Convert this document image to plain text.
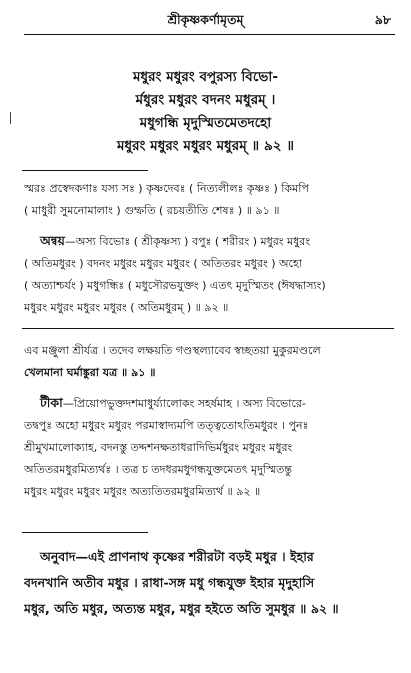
শ্রীকৃষ্ণকর্ণামৃতম্	৯৮
মধুরং মধুরং বপুরস্য বিভো-
র্মধুরং মধুরং বদনং মধুরম্ ।
মধুগন্ধি মৃদুস্মিতমেতদহো
মধুরং মধুরং মধুরং মধুরম্ ॥ ৯২ ॥

স্মরঃ প্রস্বেদকণাঃ যস্য সঃ ) কৃষ্ণদেবঃ ( নিত্যলীলঃ কৃষ্ণঃ ) কিমপি

( মাধুরী সুমনোমালাং ) গুম্ফতি ( রচয়তীতি শেষঃ ) ॥ ৯১ ॥

অন্বয়—অস্য বিভোঃ ( শ্রীকৃষ্ণস্য ) বপুঃ ( শরীরং ) মধুরং মধুরং

( অতিমধুরং ) বদনং মধুরং মধুরং মধুরং ( অতিতরং মধুরং ) অহো

( অত্যাশ্চর্যং ) মধুগন্ধিঃ ( মধুসৌরভযুক্তং ) এতৎ মৃদুস্মিতং (ঈষদ্ধাস্যং)

মধুরং মধুরং মধুরং মধুরং ( অতিমধুরম্ ) ॥ ৯২ ॥

এব মঞ্জুলা শ্রীর্যত্র । তদেব লক্ষয়তি গণ্ডস্থল্যাবেব স্বচ্ছতয়া মুকুরমণ্ডলে

খেলমানা ঘর্মাঙ্কুরা যত্র ॥ ৯১ ॥

টীকা—প্রিয়োপভুক্তদশমাধুর্য্যালোকং সহর্ষমাহ । অস্য বিভোরে-

তদ্বপুঃ অহো মধুরং মধুরং পরমাস্বাদ্যমপি তত্ত্বতোঽতিমধুরং । পুনঃ

শ্রীমুখমালোক্যাহ, বদনস্তু তদ্দশনক্ষতাধরাদিভির্মধুরং মধুরং মধুরং

অতিতরমধুরমিত্যর্থঃ । তত্র চ তদধরমধুগন্ধযুক্তমেতৎ মৃদুস্মিতন্তু

মধুরং মধুরং মধুরং মধুরং অত্যতিতরমধুরমিত্যর্থ ॥ ৯২ ॥

অনুবাদ—এই প্রাণনাথ কৃষ্ণের শরীরটা বড়ই মধুর । ইহার

বদনখানি অতীব মধুর । রাধা-সঙ্গ মধু গন্ধযুক্ত ইহার মৃদুহাসি

মধুর, অতি মধুর, অত্যন্ত মধুর, মধুর হইতে অতি সুমধুর ॥ ৯২ ॥
